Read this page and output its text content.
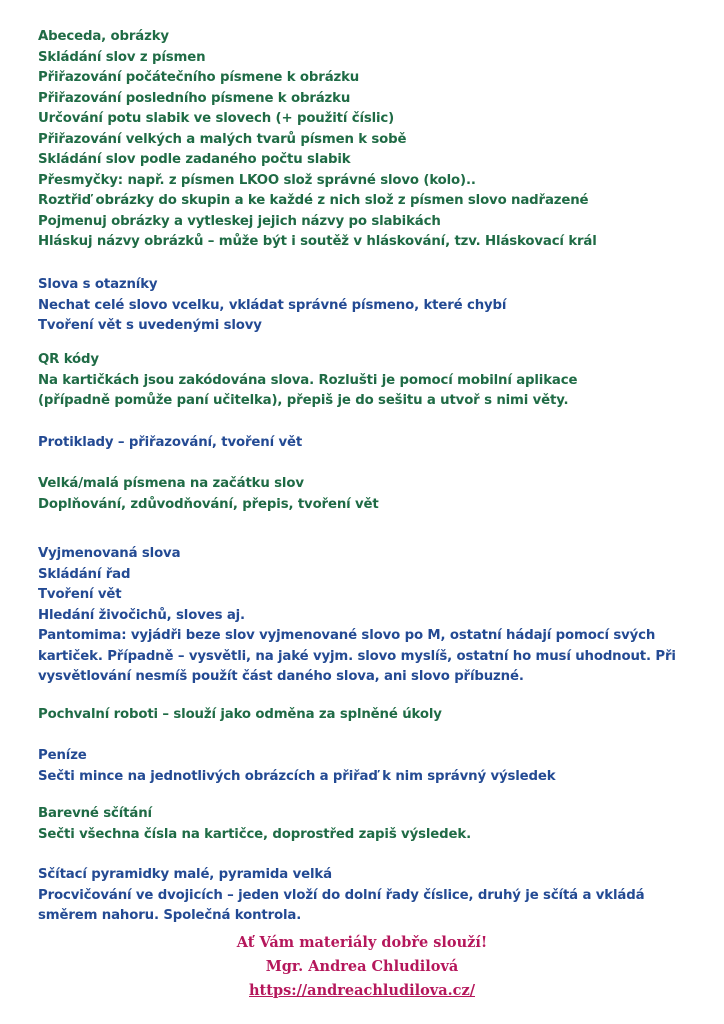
Abeceda, obrázky
Skládání slov z písmen
Přiřazování počátečního písmene k obrázku
Přiřazování posledního písmene k obrázku
Určování potu slabik ve slovech (+ použití číslic)
Přiřazování velkých a malých tvarů písmen k sobě
Skládání slov podle zadaného počtu slabik
Přesmyčky: např. z písmen LKOO slož správné slovo (kolo)..
Roztřiď obrázky do skupin a ke každé z nich slož z písmen slovo nadřazené
Pojmenuj obrázky a vytleskej jejich názvy po slabikách
Hláskuj názvy obrázků – může být i soutěž v hláskování, tzv. Hláskovací král
Slova s otazníky
Nechat celé slovo vcelku, vkládat správné písmeno, které chybí
Tvoření vět s uvedenými slovy
QR kódy
Na kartičkách jsou zakódována slova. Rozlušti je pomocí mobilní aplikace
(případně pomůže paní učitelka), přepiš je do sešitu a utvoř s nimi věty.
Protiklady – přiřazování, tvoření vět
Velká/malá písmena na začátku slov
Doplňování, zdůvodňování, přepis, tvoření vět
Vyjmenovaná slova
Skládání řad
Tvoření vět
Hledání živočichů, sloves aj.
Pantomima: vyjádři beze slov vyjmenované slovo po M, ostatní hádají pomocí svých
kartiček. Případně – vysvětli, na jaké vyjm. slovo myslíš, ostatní ho musí uhodnout. Při
vysvětlování nesmíš použít část daného slova, ani slovo příbuzné.
Pochvalní roboti – slouží jako odměna za splněné úkoly
Peníze
Sečti mince na jednotlivých obrázcích a přiřaď k nim správný výsledek
Barevné sčítání
Sečti všechna čísla na kartičce, doprostřed zapiš výsledek.
Sčítací pyramidky malé, pyramida velká
Procvičování ve dvojicích – jeden vloží do dolní řady číslice, druhý je sčítá a vkládá
směrem nahoru. Společná kontrola.
Ať Vám materiály dobře slouží!
Mgr. Andrea Chludilová
https://andreachludilova.cz/
